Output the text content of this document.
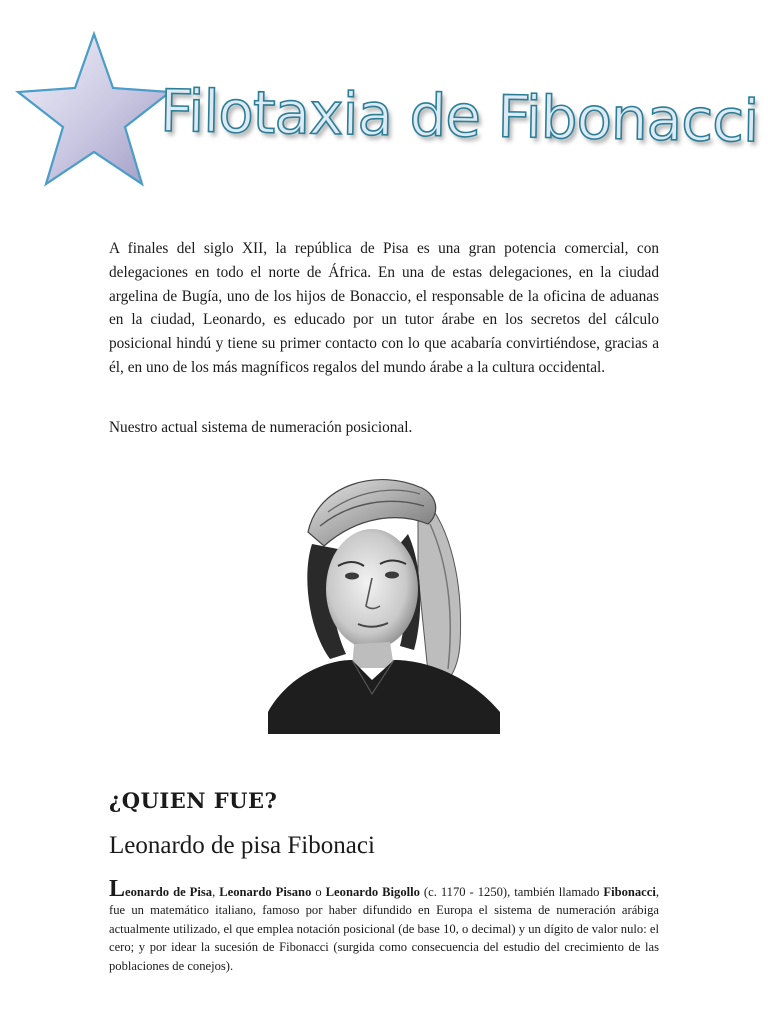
Filotaxia de Fibonacci

A finales del siglo XII, la república de Pisa es una gran potencia comercial, con delegaciones en todo el norte de África. En una de estas delegaciones, en la ciudad argelina de Bugía, uno de los hijos de Bonaccio, el responsable de la oficina de aduanas en la ciudad, Leonardo, es educado por un tutor árabe en los secretos del cálculo posicional hindú y tiene su primer contacto con lo que acabaría convirtiéndose, gracias a él, en uno de los más magníficos regalos del mundo árabe a la cultura occidental.

Nuestro actual sistema de numeración posicional.

¿QUIEN FUE?
Leonardo de pisa Fibonaci

Leonardo de Pisa, Leonardo Pisano o Leonardo Bigollo (c. 1170 - 1250), también llamado Fibonacci, fue un matemático italiano, famoso por haber difundido en Europa el sistema de numeración arábiga actualmente utilizado, el que emplea notación posicional (de base 10, o decimal) y un dígito de valor nulo: el cero; y por idear la sucesión de Fibonacci (surgida como consecuencia del estudio del crecimiento de las poblaciones de conejos).
